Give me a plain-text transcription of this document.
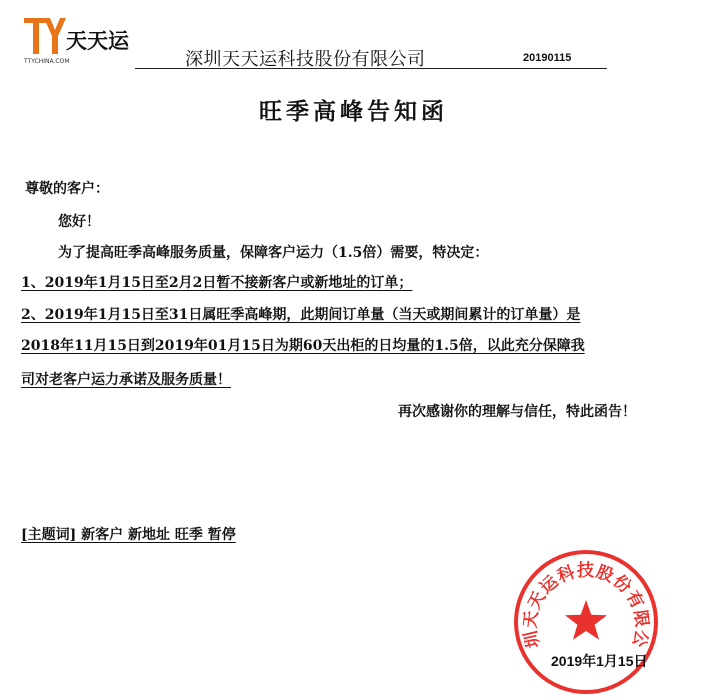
天天运
TTYCHINA.COM	深圳天天运科技股份有限公司	20190115
旺季高峰告知函
尊敬的客户：
您好！
为了提高旺季高峰服务质量，保障客户运力（1.5倍）需要，特决定：
1、2019年1月15日至2月2日暂不接新客户或新地址的订单；
2、2019年1月15日至31日属旺季高峰期，此期间订单量（当天或期间累计的订单量）是
2018年11月15日到2019年01月15日为期60天出柜的日均量的1.5倍，以此充分保障我
司对老客户运力承诺及服务质量！
再次感谢你的理解与信任，特此函告！
[主题词] 新客户 新地址 旺季 暂停
圳天天运科技股份有限公
2019年1月15日
